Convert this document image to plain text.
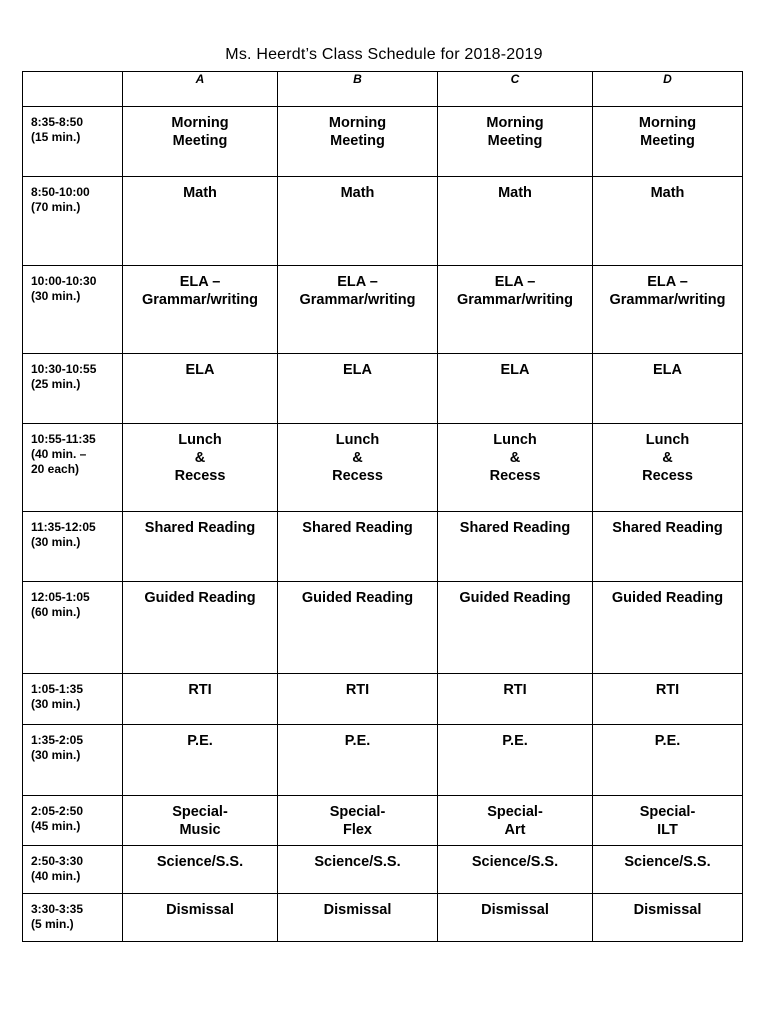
Ms. Heerdt’s Class Schedule for 2018-2019
	A	B	C	D

8:35-8:50
(15 min.)	Morning
Meeting	Morning
Meeting	Morning
Meeting	Morning
Meeting

8:50-10:00
(70 min.)	Math	Math	Math	Math

10:00-10:30
(30 min.)	ELA –
Grammar/writing	ELA –
Grammar/writing	ELA –
Grammar/writing	ELA –
Grammar/writing

10:30-10:55
(25 min.)	ELA	ELA	ELA	ELA

10:55-11:35
(40 min. –
20 each)	Lunch
&
Recess	Lunch
&
Recess	Lunch
&
Recess	Lunch
&
Recess

11:35-12:05
(30 min.)	Shared Reading	Shared Reading	Shared Reading	Shared Reading

12:05-1:05
(60 min.)	Guided Reading	Guided Reading	Guided Reading	Guided Reading

1:05-1:35
(30 min.)	RTI	RTI	RTI	RTI

1:35-2:05
(30 min.)	P.E.	P.E.	P.E.	P.E.

2:05-2:50
(45 min.)	Special-
Music	Special-
Flex	Special-
Art	Special-
ILT

2:50-3:30
(40 min.)	Science/S.S.	Science/S.S.	Science/S.S.	Science/S.S.

3:30-3:35
(5 min.)	Dismissal	Dismissal	Dismissal	Dismissal
